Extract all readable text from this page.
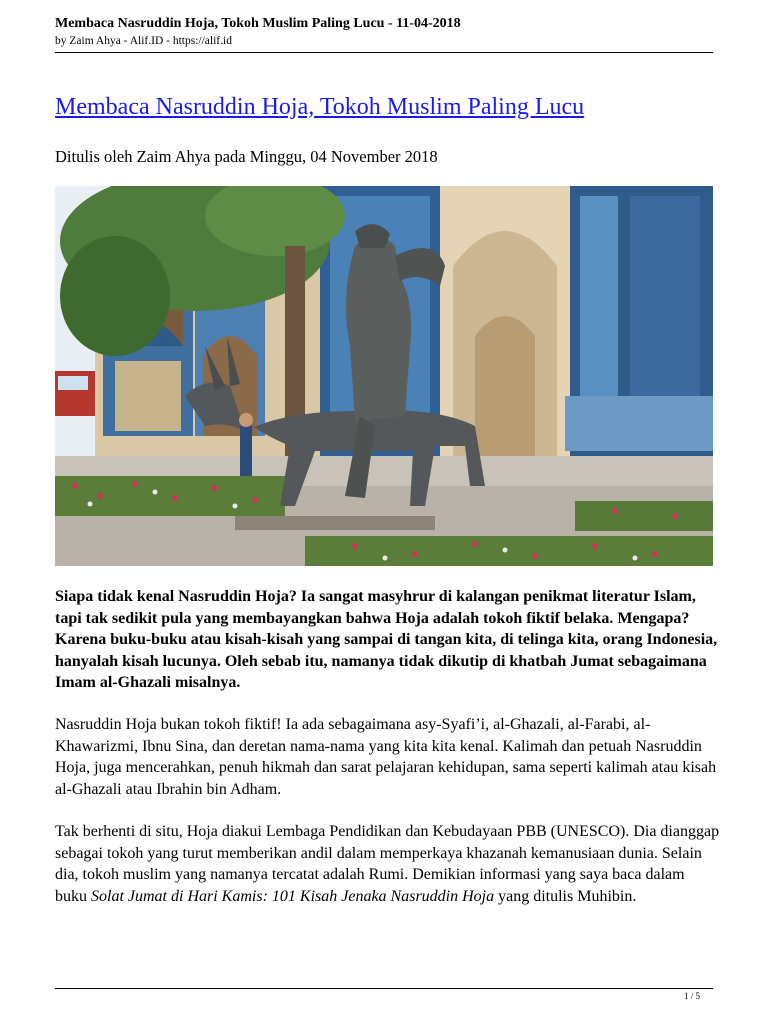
Membaca Nasruddin Hoja, Tokoh Muslim Paling Lucu - 11-04-2018
by Zaim Ahya - Alif.ID - https://alif.id
Membaca Nasruddin Hoja, Tokoh Muslim Paling Lucu
Ditulis oleh Zaim Ahya pada Minggu, 04 November 2018

Siapa tidak kenal Nasruddin Hoja? Ia sangat masyhrur di kalangan penikmat literatur Islam, tapi tak sedikit pula yang membayangkan bahwa Hoja adalah tokoh fiktif belaka. Mengapa? Karena buku-buku atau kisah-kisah yang sampai di tangan kita, di telinga kita, orang Indonesia, hanyalah kisah lucunya. Oleh sebab itu, namanya tidak dikutip di khatbah Jumat sebagaimana Imam al-Ghazali misalnya.

Nasruddin Hoja bukan tokoh fiktif! Ia ada sebagaimana asy-Syafi’i, al-Ghazali, al-Farabi, al-Khawarizmi, Ibnu Sina, dan deretan nama-nama yang kita kita kenal. Kalimah dan petuah Nasruddin Hoja, juga mencerahkan, penuh hikmah dan sarat pelajaran kehidupan, sama seperti kalimah atau kisah al-Ghazali atau Ibrahin bin Adham.

Tak berhenti di situ, Hoja diakui Lembaga Pendidikan dan Kebudayaan PBB (UNESCO). Dia dianggap sebagai tokoh yang turut memberikan andil dalam memperkaya khazanah kemanusiaan dunia. Selain dia, tokoh muslim yang namanya tercatat adalah Rumi. Demikian informasi yang saya baca dalam buku Solat Jumat di Hari Kamis: 101 Kisah Jenaka Nasruddin Hoja yang ditulis Muhibin.

1 / 5
